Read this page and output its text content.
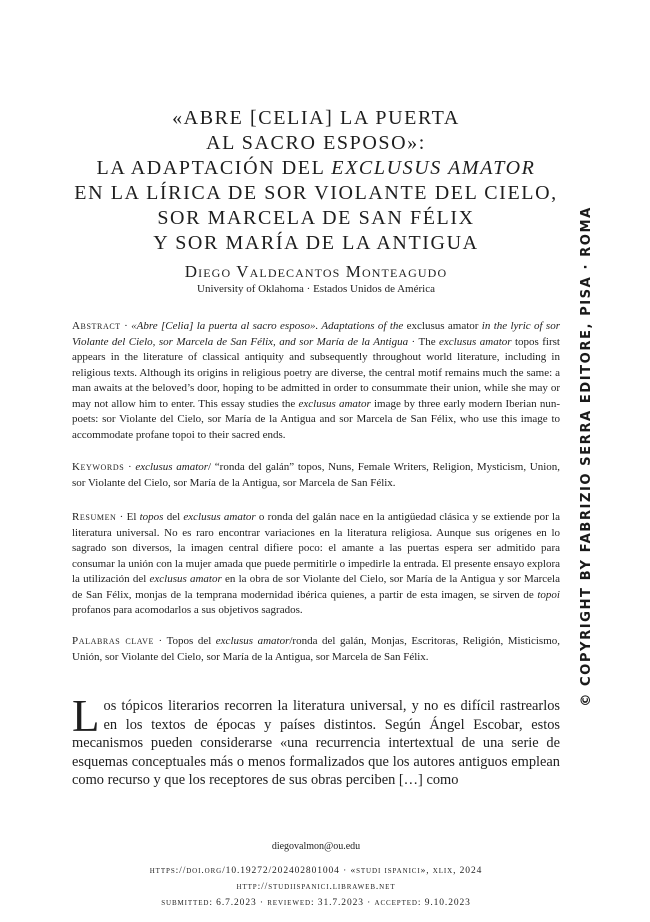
«ABRE [CELIA] LA PUERTA
AL SACRO ESPOSO»:
LA ADAPTACIÓN DEL EXCLUSUS AMATOR
EN LA LÍRICA DE SOR VIOLANTE DEL CIELO,
SOR MARCELA DE SAN FÉLIX
Y SOR MARÍA DE LA ANTIGUA
Diego Valdecantos Monteagudo
University of Oklahoma · Estados Unidos de América

Abstract · «Abre [Celia] la puerta al sacro esposo». Adaptations of the exclusus amator in the lyric of sor Violante del Cielo, sor Marcela de San Félix, and sor María de la Antigua · The exclusus amator topos first appears in the literature of classical antiquity and subsequently throughout world literature, including in religious texts. Although its origins in religious poetry are diverse, the central motif remains much the same: a man awaits at the beloved’s door, hoping to be admitted in order to consummate their union, while she may or may not allow him to enter. This essay studies the exclusus amator image by three early modern Iberian nun-poets: sor Violante del Cielo, sor María de la Antigua and sor Marcela de San Félix, who use this image to accommodate profane topoi to their sacred ends.

Keywords · exclusus amator/ “ronda del galán” topos, Nuns, Female Writers, Religion, Mysticism, Union, sor Violante del Cielo, sor María de la Antigua, sor Marcela de San Félix.

Resumen · El topos del exclusus amator o ronda del galán nace en la antigüedad clásica y se extiende por la literatura universal. No es raro encontrar variaciones en la literatura religiosa. Aunque sus orígenes en lo sagrado son diversos, la imagen central difiere poco: el amante a las puertas espera ser admitido para consumar la unión con la mujer amada que puede permitirle o impedirle la entrada. El presente ensayo explora la utilización del exclusus amator en la obra de sor Violante del Cielo, sor María de la Antigua y sor Marcela de San Félix, monjas de la temprana modernidad ibérica quienes, a partir de esta imagen, se sirven de topoi profanos para acomodarlos a sus objetivos sagrados.

Palabras clave · Topos del exclusus amator/ronda del galán, Monjas, Escritoras, Religión, Misticismo, Unión, sor Violante del Cielo, sor María de la Antigua, sor Marcela de San Félix.

Los tópicos literarios recorren la literatura universal, y no es difícil rastrearlos en los textos de épocas y países distintos. Según Ángel Escobar, estos mecanismos pueden considerarse «una recurrencia intertextual de una serie de esquemas conceptuales más o menos formalizados que los autores antiguos emplean como recurso y que los receptores de sus obras perciben […] como

diegovalmon@ou.edu
https://doi.org/10.19272/202402801004 · «studi ispanici», xlix, 2024
http://studiispanici.libraweb.net
submitted: 6.7.2023 · reviewed: 31.7.2023 · accepted: 9.10.2023
© COPYRIGHT BY FABRIZIO SERRA EDITORE, PISA · ROMA
